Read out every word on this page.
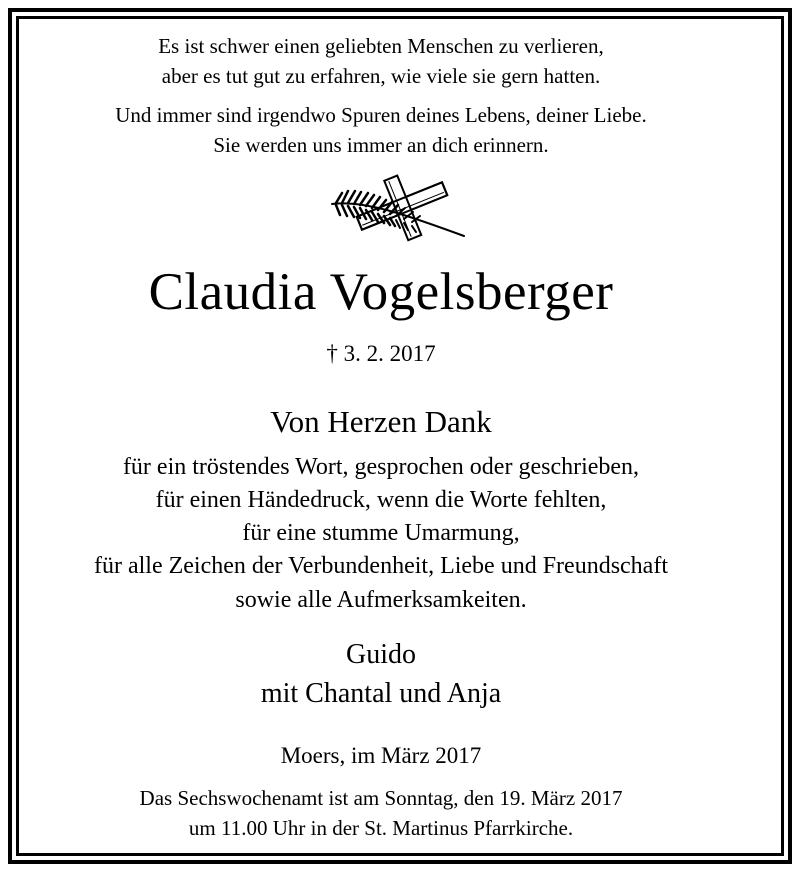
Es ist schwer einen geliebten Menschen zu verlieren,
aber es tut gut zu erfahren, wie viele sie gern hatten.
Und immer sind irgendwo Spuren deines Lebens, deiner Liebe.
Sie werden uns immer an dich erinnern.
Claudia Vogelsberger
† 3. 2. 2017
Von Herzen Dank
für ein tröstendes Wort, gesprochen oder geschrieben,
für einen Händedruck, wenn die Worte fehlten,
für eine stumme Umarmung,
für alle Zeichen der Verbundenheit, Liebe und Freundschaft
sowie alle Aufmerksamkeiten.
Guido
mit Chantal und Anja
Moers, im März 2017
Das Sechswochenamt ist am Sonntag, den 19. März 2017
um 11.00 Uhr in der St. Martinus Pfarrkirche.
